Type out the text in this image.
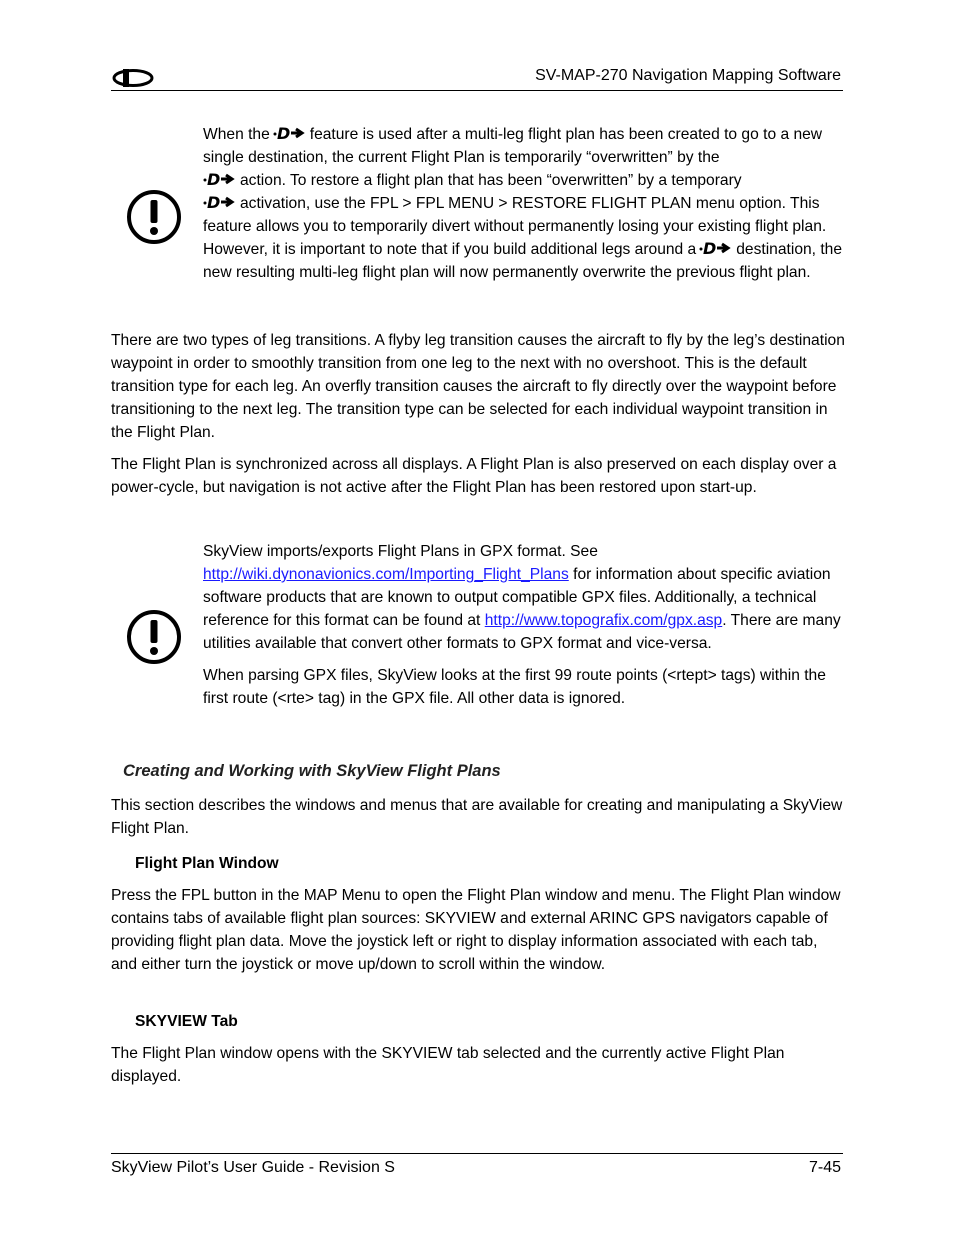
SV-MAP-270 Navigation Mapping Software

When the D feature is used after a multi-leg flight plan has been created to go to a new single destination, the current Flight Plan is temporarily “overwritten” by the

D action. To restore a flight plan that has been “overwritten” by a temporary

D activation, use the FPL > FPL MENU > RESTORE FLIGHT PLAN menu option. This feature allows you to temporarily divert without permanently losing your existing flight plan. However, it is important to note that if you build additional legs around a D destination, the new resulting multi-leg flight plan will now permanently overwrite the previous flight plan.

There are two types of leg transitions. A flyby leg transition causes the aircraft to fly by the leg’s destination waypoint in order to smoothly transition from one leg to the next with no overshoot. This is the default transition type for each leg. An overfly transition causes the aircraft to fly directly over the waypoint before transitioning to the next leg. The transition type can be selected for each individual waypoint transition in the Flight Plan.

The Flight Plan is synchronized across all displays. A Flight Plan is also preserved on each display over a power-cycle, but navigation is not active after the Flight Plan has been restored upon start-up.

SkyView imports/exports Flight Plans in GPX format. See
http://wiki.dynonavionics.com/Importing_Flight_Plans for information about specific aviation software products that are known to output compatible GPX files. Additionally, a technical reference for this format can be found at http://www.topografix.com/gpx.asp. There are many utilities available that convert other formats to GPX format and vice-versa.

When parsing GPX files, SkyView looks at the first 99 route points (<rtept> tags) within the first route (<rte> tag) in the GPX file. All other data is ignored.

Creating and Working with SkyView Flight Plans

This section describes the windows and menus that are available for creating and manipulating a SkyView Flight Plan.

Flight Plan Window

Press the FPL button in the MAP Menu to open the Flight Plan window and menu. The Flight Plan window contains tabs of available flight plan sources: SKYVIEW and external ARINC GPS navigators capable of providing flight plan data. Move the joystick left or right to display information associated with each tab, and either turn the joystick or move up/down to scroll within the window.

SKYVIEW Tab

The Flight Plan window opens with the SKYVIEW tab selected and the currently active Flight Plan displayed.

SkyView Pilot’s User Guide - Revision S	7-45
